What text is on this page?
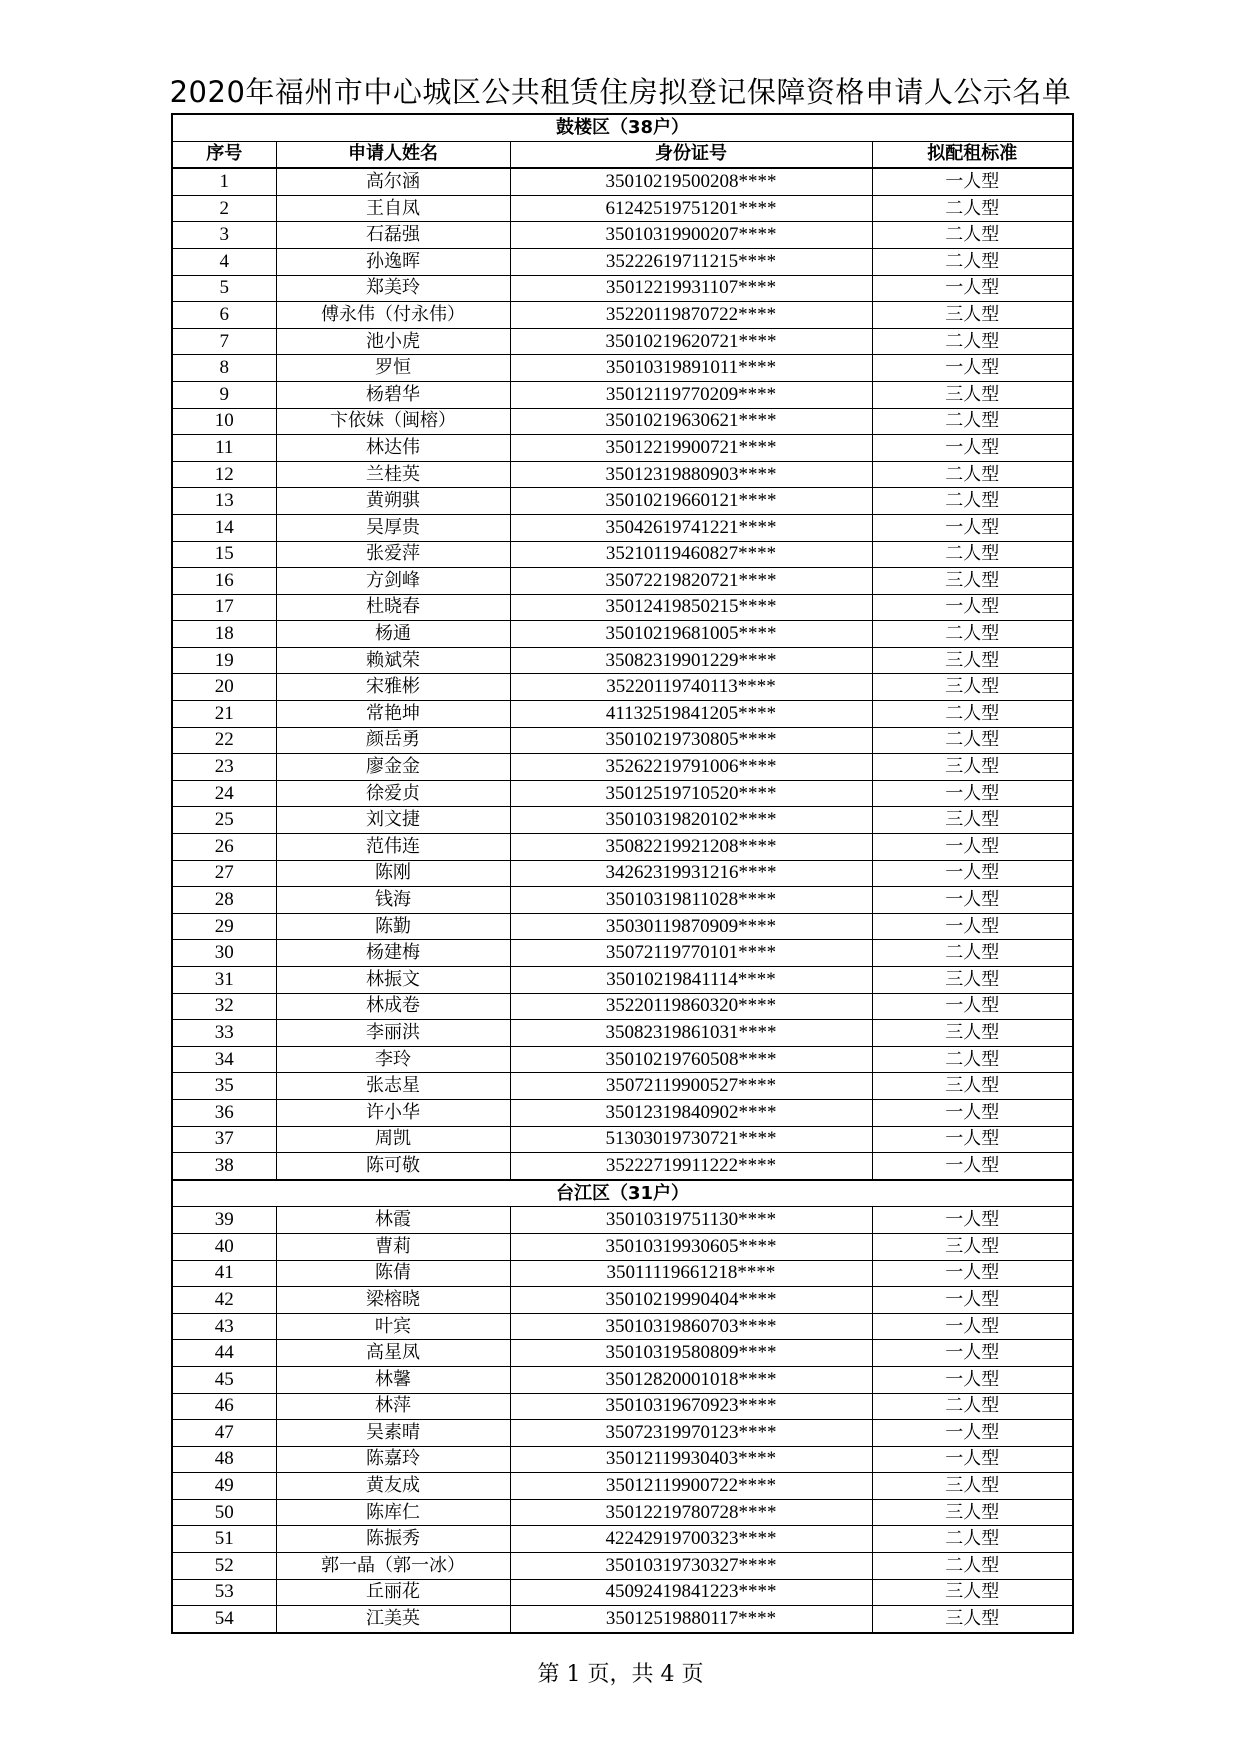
2020年福州市中心城区公共租赁住房拟登记保障资格申请人公示名单
鼓楼区（38户）			
序号	申请人姓名	身份证号	拟配租标准
1	高尔涵	35010219500208****	一人型
2	王自凤	61242519751201****	二人型
3	石磊强	35010319900207****	二人型
4	孙逸晖	35222619711215****	二人型
5	郑美玲	35012219931107****	一人型
6	傅永伟（付永伟）	35220119870722****	三人型
7	池小虎	35010219620721****	二人型
8	罗恒	35010319891011****	一人型
9	杨碧华	35012119770209****	三人型
10	卞依妹（闽榕）	35010219630621****	二人型
11	林达伟	35012219900721****	一人型
12	兰桂英	35012319880903****	二人型
13	黄朔骐	35010219660121****	二人型
14	吴厚贵	35042619741221****	一人型
15	张爱萍	35210119460827****	二人型
16	方剑峰	35072219820721****	三人型
17	杜晓春	35012419850215****	一人型
18	杨通	35010219681005****	二人型
19	赖斌荣	35082319901229****	三人型
20	宋雅彬	35220119740113****	三人型
21	常艳坤	41132519841205****	二人型
22	颜岳勇	35010219730805****	二人型
23	廖金金	35262219791006****	三人型
24	徐爱贞	35012519710520****	一人型
25	刘文捷	35010319820102****	三人型
26	范伟连	35082219921208****	一人型
27	陈刚	34262319931216****	一人型
28	钱海	35010319811028****	一人型
29	陈勤	35030119870909****	一人型
30	杨建梅	35072119770101****	二人型
31	林振文	35010219841114****	三人型
32	林成卷	35220119860320****	一人型
33	李丽洪	35082319861031****	三人型
34	李玲	35010219760508****	二人型
35	张志星	35072119900527****	三人型
36	许小华	35012319840902****	一人型
37	周凯	51303019730721****	一人型
38	陈可敬	35222719911222****	一人型
台江区（31户）			
39	林霞	35010319751130****	一人型
40	曹莉	35010319930605****	三人型
41	陈倩	35011119661218****	一人型
42	梁榕晓	35010219990404****	一人型
43	叶宾	35010319860703****	一人型
44	高星凤	35010319580809****	一人型
45	林馨	35012820001018****	一人型
46	林萍	35010319670923****	二人型
47	吴素晴	35072319970123****	一人型
48	陈嘉玲	35012119930403****	一人型
49	黄友成	35012119900722****	三人型
50	陈库仁	35012219780728****	三人型
51	陈振秀	42242919700323****	二人型
52	郭一晶（郭一冰）	35010319730327****	二人型
53	丘丽花	45092419841223****	三人型
54	江美英	35012519880117****	三人型
第 1 页，共 4 页
